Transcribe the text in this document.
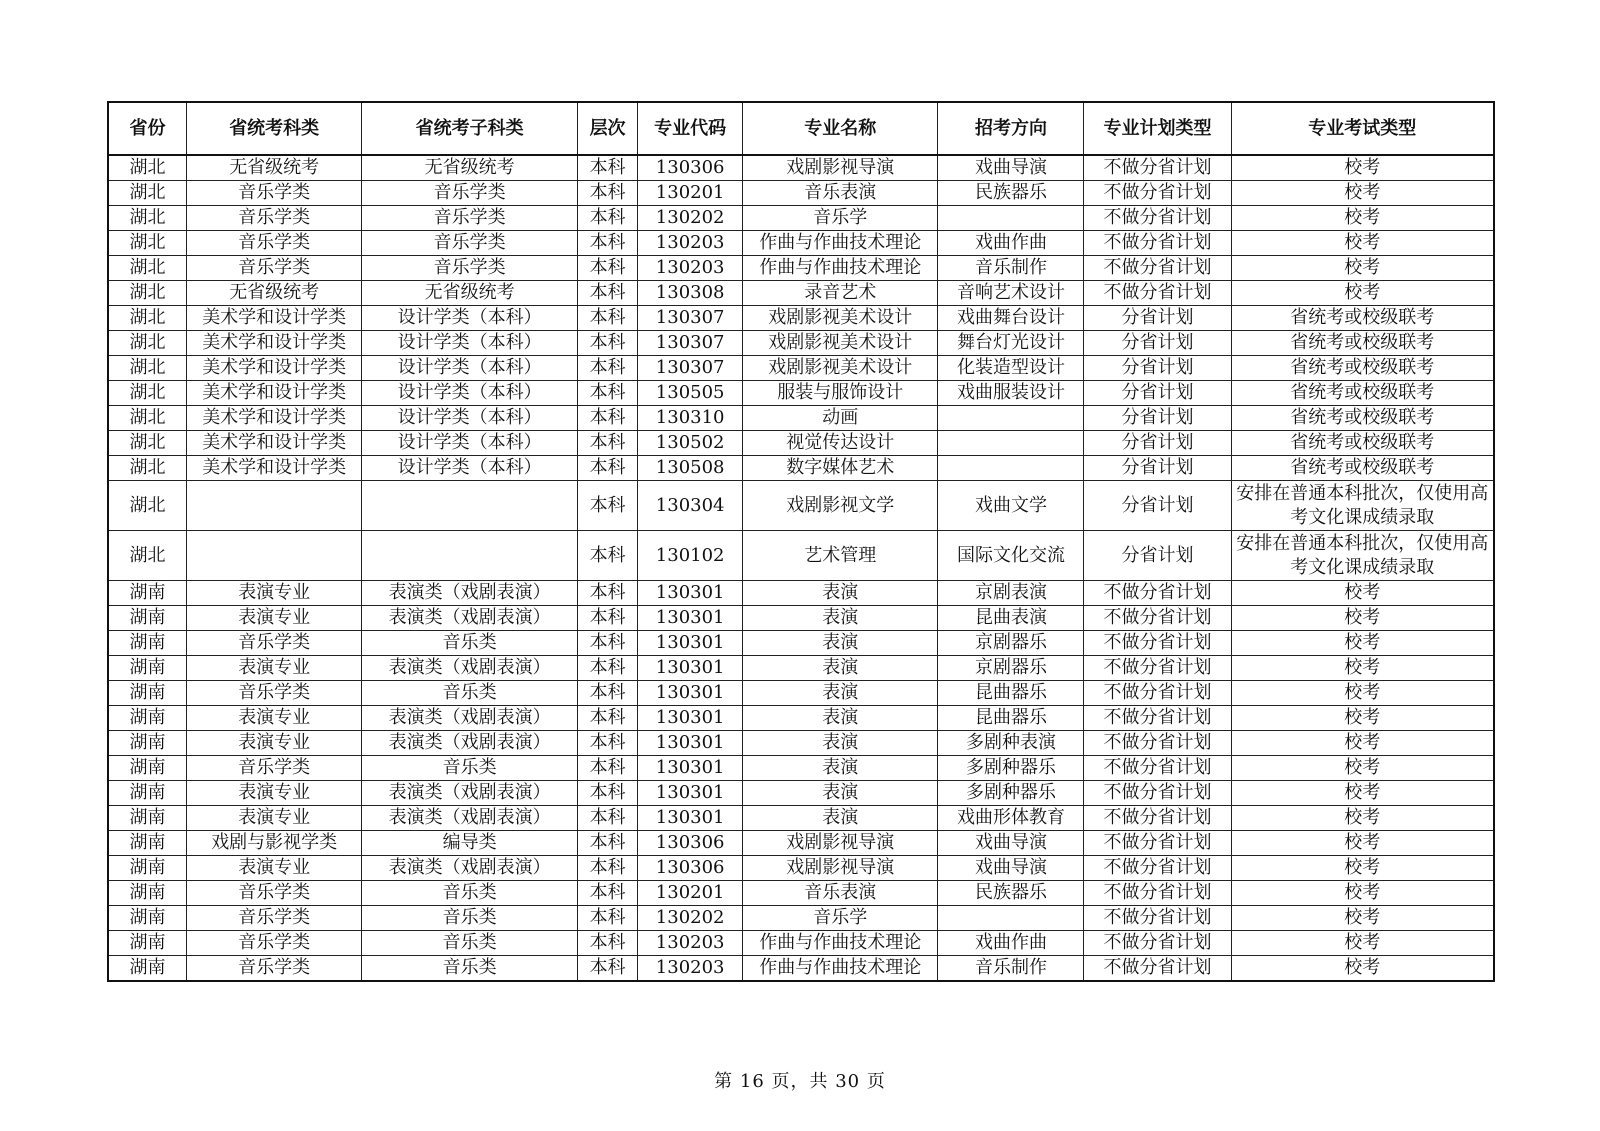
省份	省统考科类	省统考子科类	层次	专业代码	专业名称	招考方向	专业计划类型	专业考试类型
湖北	无省级统考	无省级统考	本科	130306	戏剧影视导演	戏曲导演	不做分省计划	校考
湖北	音乐学类	音乐学类	本科	130201	音乐表演	民族器乐	不做分省计划	校考
湖北	音乐学类	音乐学类	本科	130202	音乐学		不做分省计划	校考
湖北	音乐学类	音乐学类	本科	130203	作曲与作曲技术理论	戏曲作曲	不做分省计划	校考
湖北	音乐学类	音乐学类	本科	130203	作曲与作曲技术理论	音乐制作	不做分省计划	校考
湖北	无省级统考	无省级统考	本科	130308	录音艺术	音响艺术设计	不做分省计划	校考
湖北	美术学和设计学类	设计学类（本科）	本科	130307	戏剧影视美术设计	戏曲舞台设计	分省计划	省统考或校级联考
湖北	美术学和设计学类	设计学类（本科）	本科	130307	戏剧影视美术设计	舞台灯光设计	分省计划	省统考或校级联考
湖北	美术学和设计学类	设计学类（本科）	本科	130307	戏剧影视美术设计	化装造型设计	分省计划	省统考或校级联考
湖北	美术学和设计学类	设计学类（本科）	本科	130505	服装与服饰设计	戏曲服装设计	分省计划	省统考或校级联考
湖北	美术学和设计学类	设计学类（本科）	本科	130310	动画		分省计划	省统考或校级联考
湖北	美术学和设计学类	设计学类（本科）	本科	130502	视觉传达设计		分省计划	省统考或校级联考
湖北	美术学和设计学类	设计学类（本科）	本科	130508	数字媒体艺术		分省计划	省统考或校级联考
湖北			本科	130304	戏剧影视文学	戏曲文学	分省计划	安排在普通本科批次，仅使用高考文化课成绩录取
湖北			本科	130102	艺术管理	国际文化交流	分省计划	安排在普通本科批次，仅使用高考文化课成绩录取
湖南	表演专业	表演类（戏剧表演）	本科	130301	表演	京剧表演	不做分省计划	校考
湖南	表演专业	表演类（戏剧表演）	本科	130301	表演	昆曲表演	不做分省计划	校考
湖南	音乐学类	音乐类	本科	130301	表演	京剧器乐	不做分省计划	校考
湖南	表演专业	表演类（戏剧表演）	本科	130301	表演	京剧器乐	不做分省计划	校考
湖南	音乐学类	音乐类	本科	130301	表演	昆曲器乐	不做分省计划	校考
湖南	表演专业	表演类（戏剧表演）	本科	130301	表演	昆曲器乐	不做分省计划	校考
湖南	表演专业	表演类（戏剧表演）	本科	130301	表演	多剧种表演	不做分省计划	校考
湖南	音乐学类	音乐类	本科	130301	表演	多剧种器乐	不做分省计划	校考
湖南	表演专业	表演类（戏剧表演）	本科	130301	表演	多剧种器乐	不做分省计划	校考
湖南	表演专业	表演类（戏剧表演）	本科	130301	表演	戏曲形体教育	不做分省计划	校考
湖南	戏剧与影视学类	编导类	本科	130306	戏剧影视导演	戏曲导演	不做分省计划	校考
湖南	表演专业	表演类（戏剧表演）	本科	130306	戏剧影视导演	戏曲导演	不做分省计划	校考
湖南	音乐学类	音乐类	本科	130201	音乐表演	民族器乐	不做分省计划	校考
湖南	音乐学类	音乐类	本科	130202	音乐学		不做分省计划	校考
湖南	音乐学类	音乐类	本科	130203	作曲与作曲技术理论	戏曲作曲	不做分省计划	校考
湖南	音乐学类	音乐类	本科	130203	作曲与作曲技术理论	音乐制作	不做分省计划	校考
第 16 页，共 30 页
